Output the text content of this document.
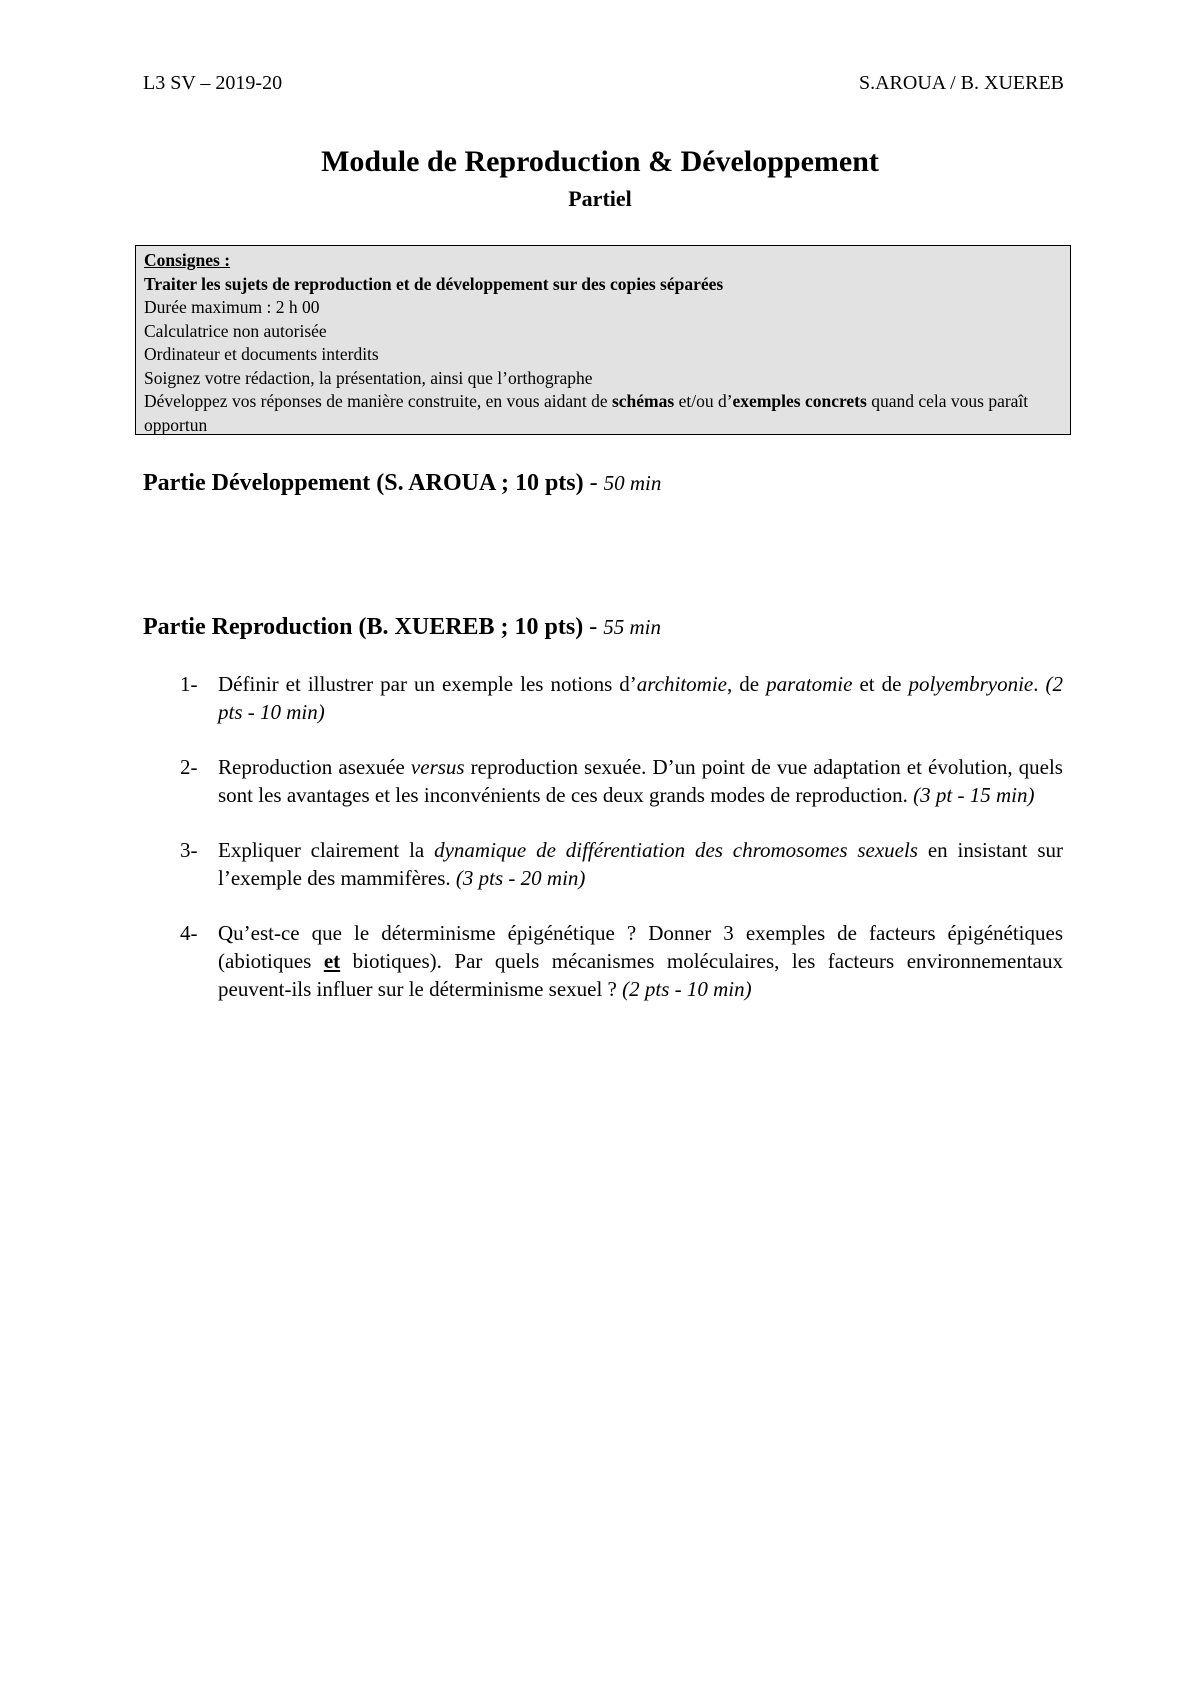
L3 SV – 2019-20	S.AROUA / B. XUEREB
Module de Reproduction & Développement
Partiel
Consignes :
Traiter les sujets de reproduction et de développement sur des copies séparées
Durée maximum : 2 h 00
Calculatrice non autorisée
Ordinateur et documents interdits
Soignez votre rédaction, la présentation, ainsi que l’orthographe
Développez vos réponses de manière construite, en vous aidant de schémas et/ou d’exemples concrets quand cela vous paraît opportun
Partie Développement (S. AROUA ; 10 pts) - 50 min
Partie Reproduction (B. XUEREB ; 10 pts) - 55 min
1- Définir et illustrer par un exemple les notions d’architomie, de paratomie et de polyembryonie. (2 pts - 10 min)
2- Reproduction asexuée versus reproduction sexuée. D’un point de vue adaptation et évolution, quels sont les avantages et les inconvénients de ces deux grands modes de reproduction. (3 pt - 15 min)
3- Expliquer clairement la dynamique de différentiation des chromosomes sexuels en insistant sur l’exemple des mammifères. (3 pts - 20 min)
4- Qu’est-ce que le déterminisme épigénétique ? Donner 3 exemples de facteurs épigénétiques (abiotiques et biotiques). Par quels mécanismes moléculaires, les facteurs environnementaux peuvent-ils influer sur le déterminisme sexuel ? (2 pts - 10 min)
